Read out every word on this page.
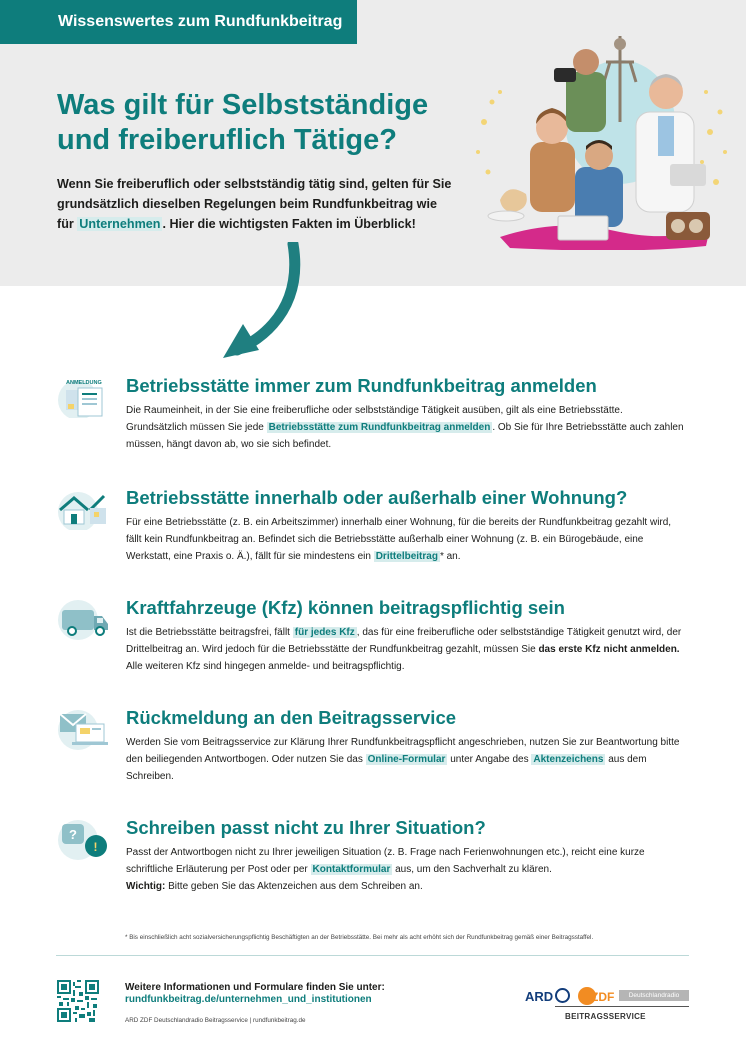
Wissenswertes zum Rundfunkbeitrag
Was gilt für Selbstständige
und freiberuflich Tätige?
Wenn Sie freiberuflich oder selbstständig tätig sind, gelten für Sie grundsätzlich dieselben Regelungen beim Rundfunkbeitrag wie für Unternehmen . Hier die wichtigsten Fakten im Überblick!
ANMELDUNG Betriebsstätte immer zum Rundfunkbeitrag anmelden
Die Raumeinheit, in der Sie eine freiberufliche oder selbstständige Tätigkeit ausüben, gilt als eine Betriebsstätte. Grundsätzlich müssen Sie jede Betriebsstätte zum Rundfunkbeitrag anmelden . Ob Sie für Ihre Betriebsstätte auch zahlen müssen, hängt davon ab, wo sie sich befindet.
Betriebsstätte innerhalb oder außerhalb einer Wohnung?
Für eine Betriebsstätte (z. B. ein Arbeitszimmer) innerhalb einer Wohnung, für die bereits der Rundfunkbeitrag gezahlt wird, fällt kein Rundfunkbeitrag an. Befindet sich die Betriebsstätte außerhalb einer Wohnung (z. B. ein Bürogebäude, eine Werkstatt, eine Praxis o. Ä.), fällt für sie mindestens ein Drittelbeitrag * an.
Kraftfahrzeuge (Kfz) können beitragspflichtig sein
Ist die Betriebsstätte beitragsfrei, fällt für jedes Kfz , das für eine freiberufliche oder selbstständige Tätigkeit genutzt wird, der Drittelbeitrag an. Wird jedoch für die Betriebsstätte der Rundfunkbeitrag gezahlt, müssen Sie das erste Kfz nicht anmelden. Alle weiteren Kfz sind hingegen anmelde- und beitragspflichtig.
Rückmeldung an den Beitragsservice
Werden Sie vom Beitragsservice zur Klärung Ihrer Rundfunkbeitragspflicht angeschrieben, nutzen Sie zur Beantwortung bitte den beiliegenden Antwortbogen. Oder nutzen Sie das Online-Formular unter Angabe des Aktenzeichens aus dem Schreiben.
?
!
Schreiben passt nicht zu Ihrer Situation?
Passt der Antwortbogen nicht zu Ihrer jeweiligen Situation (z. B. Frage nach Ferienwohnungen etc.), reicht eine kurze schriftliche Erläuterung per Post oder per Kontaktformular aus, um den Sachverhalt zu klären.
Wichtig: Bitte geben Sie das Aktenzeichen aus dem Schreiben an.
* Bis einschließlich acht sozialversicherungspflichtig Beschäftigten an der Betriebsstätte. Bei mehr als acht erhöht sich der Rundfunkbeitrag gemäß einer Beitragsstaffel.
Weitere Informationen und Formulare finden Sie unter:
rundfunkbeitrag.de/unternehmen_und_institutionen
ARD ZDF Deutschlandradio Beitragsservice | rundfunkbeitrag.de
ARD	ZDF	Deutschlandradio
BEITRAGSSERVICE
